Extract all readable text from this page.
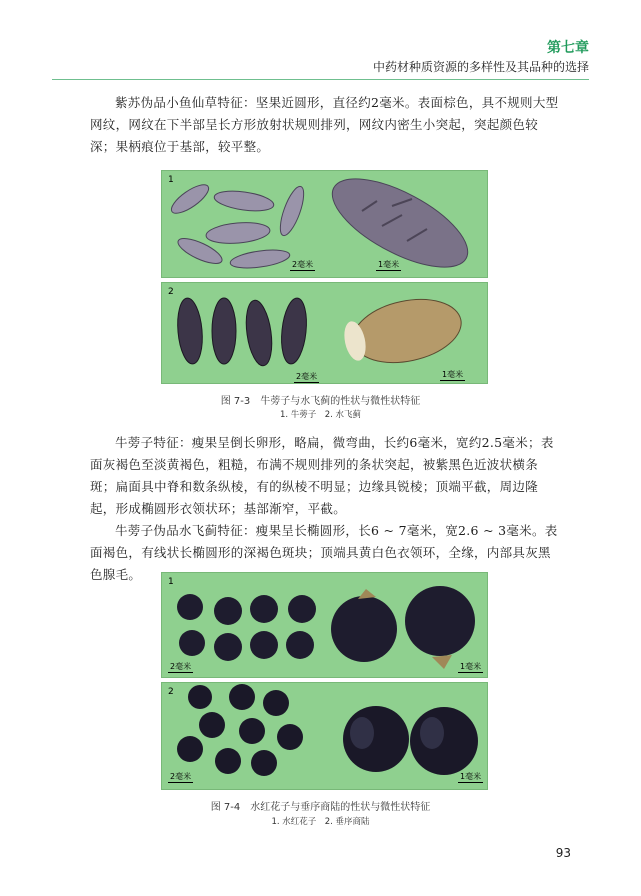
第七章
中药材种质资源的多样性及其品种的选择
紫苏伪品小鱼仙草特征：坚果近圆形，直径约2毫米。表面棕色，具不规则大型网纹，网纹在下半部呈长方形放射状规则排列，网纹内密生小突起，突起颜色较深；果柄痕位于基部，较平整。
1
2毫米	1毫米
2
2毫米	1毫米
图 7-3　牛蒡子与水飞蓟的性状与微性状特征
1. 牛蒡子　2. 水飞蓟
牛蒡子特征：瘦果呈倒长卵形，略扁，微弯曲，长约6毫米，宽约2.5毫米；表面灰褐色至淡黄褐色，粗糙，布满不规则排列的条状突起，被紫黑色近波状横条斑；扁面具中脊和数条纵棱，有的纵棱不明显；边缘具锐棱；顶端平截，周边隆起，形成椭圆形衣领状环；基部渐窄，平截。
牛蒡子伪品水飞蓟特征：瘦果呈长椭圆形，长6 ~ 7毫米，宽2.6 ~ 3毫米。表面褐色，有线状长椭圆形的深褐色斑块；顶端具黄白色衣领环，全缘，内部具灰黑色腺毛。	1
2毫米	1毫米
2
2毫米	1毫米
图 7-4　水红花子与垂序商陆的性状与微性状特征
1. 水红花子　2. 垂序商陆
93
